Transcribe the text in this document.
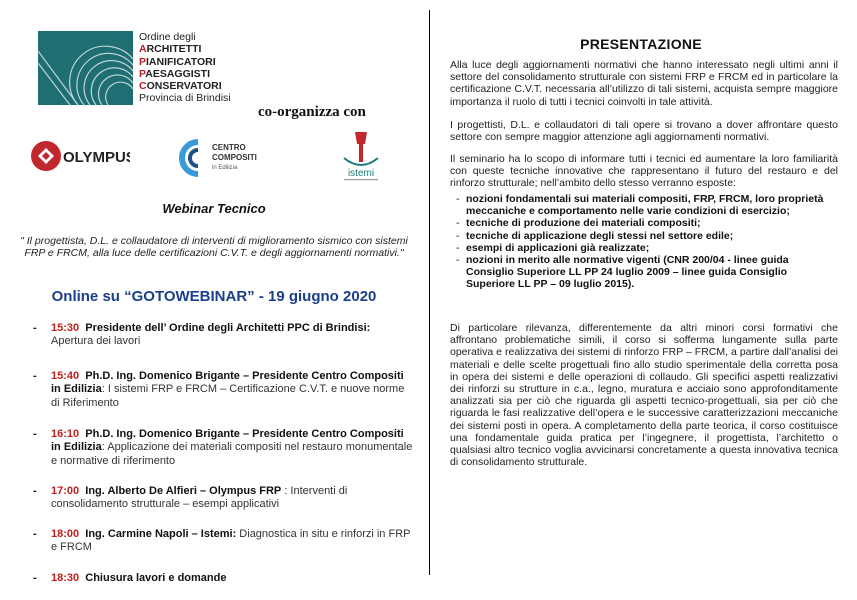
Ordine degli
ARCHITETTI
PIANIFICATORI
PAESAGGISTI
CONSERVATORI
Provincia di Brindisi
co-organizza con
OLYMPUS
CENTRO
COMPOSITI
in Edilizia	istemi
Webinar Tecnico
" Il progettista, D.L. e collaudatore di interventi di miglioramento sismico con sistemi FRP e FRCM, alla luce delle certificazioni C.V.T. e degli aggiornamenti normativi."
Online su “GOTOWEBINAR” - 19 giugno 2020
- 15:30 Presidente dell’ Ordine degli Architetti PPC di Brindisi: Apertura dei lavori
- 15:40 Ph.D. Ing. Domenico Brigante – Presidente Centro Compositi in Edilizia: I sistemi FRP e FRCM – Certificazione C.V.T. e nuove norme di Riferimento
- 16:10 Ph.D. Ing. Domenico Brigante – Presidente Centro Compositi in Edilizia: Applicazione dei materiali compositi nel restauro monumentale e normative di riferimento
- 17:00 Ing. Alberto De Alfieri – Olympus FRP : Interventi di consolidamento strutturale – esempi applicativi
- 18:00 Ing. Carmine Napoli – Istemi: Diagnostica in situ e rinforzi in FRP e FRCM
- 18:30 Chiusura lavori e domande
PRESENTAZIONE
Alla luce degli aggiornamenti normativi che hanno interessato negli ultimi anni il settore del consolidamento strutturale con sistemi FRP e FRCM ed in particolare la certificazione C.V.T. necessaria all’utilizzo di tali sistemi, acquista sempre maggiore importanza il ruolo di tutti i tecnici coinvolti in tale attività.
I progettisti, D.L. e collaudatori di tali opere si trovano a dover affrontare questo settore con sempre maggior attenzione agli aggiornamenti normativi.
Il seminario ha lo scopo di informare tutti i tecnici ed aumentare la loro familiarità con queste tecniche innovative che rappresentano il futuro del restauro e del rinforzo strutturale; nell’ambito dello stesso verranno esposte:
- nozioni fondamentali sui materiali compositi, FRP, FRCM, loro proprietà meccaniche e comportamento nelle varie condizioni di esercizio;
- tecniche di produzione dei materiali compositi;
- tecniche di applicazione degli stessi nel settore edile;
- esempi di applicazioni già realizzate;
- nozioni in merito alle normative vigenti (CNR 200/04 - linee guida Consiglio Superiore LL PP 24 luglio 2009 – linee guida Consiglio Superiore LL PP – 09 luglio 2015).
Di particolare rilevanza, differentemente da altri minori corsi formativi che affrontano problematiche simili, il corso si sofferma lungamente sulla parte operativa e realizzativa dei sistemi di rinforzo FRP – FRCM, a partire dall’analisi dei materiali e delle scelte progettuali fino allo studio sperimentale della corretta posa in opera dei sistemi e delle operazioni di collaudo. Gli specifici aspetti realizzativi dei rinforzi su strutture in c.a., legno, muratura e acciaio sono approfonditamente analizzati sia per ciò che riguarda gli aspetti tecnico-progettuali, sia per ciò che riguarda le fasi realizzative dell’opera e le successive caratterizzazioni meccaniche dei sistemi posti in opera. A completamento della parte teorica, il corso costituisce una fondamentale guida pratica per l’ingegnere, il progettista, l’architetto o qualsiasi altro tecnico voglia avvicinarsi concretamente a questa innovativa tecnica di consolidamento strutturale.
